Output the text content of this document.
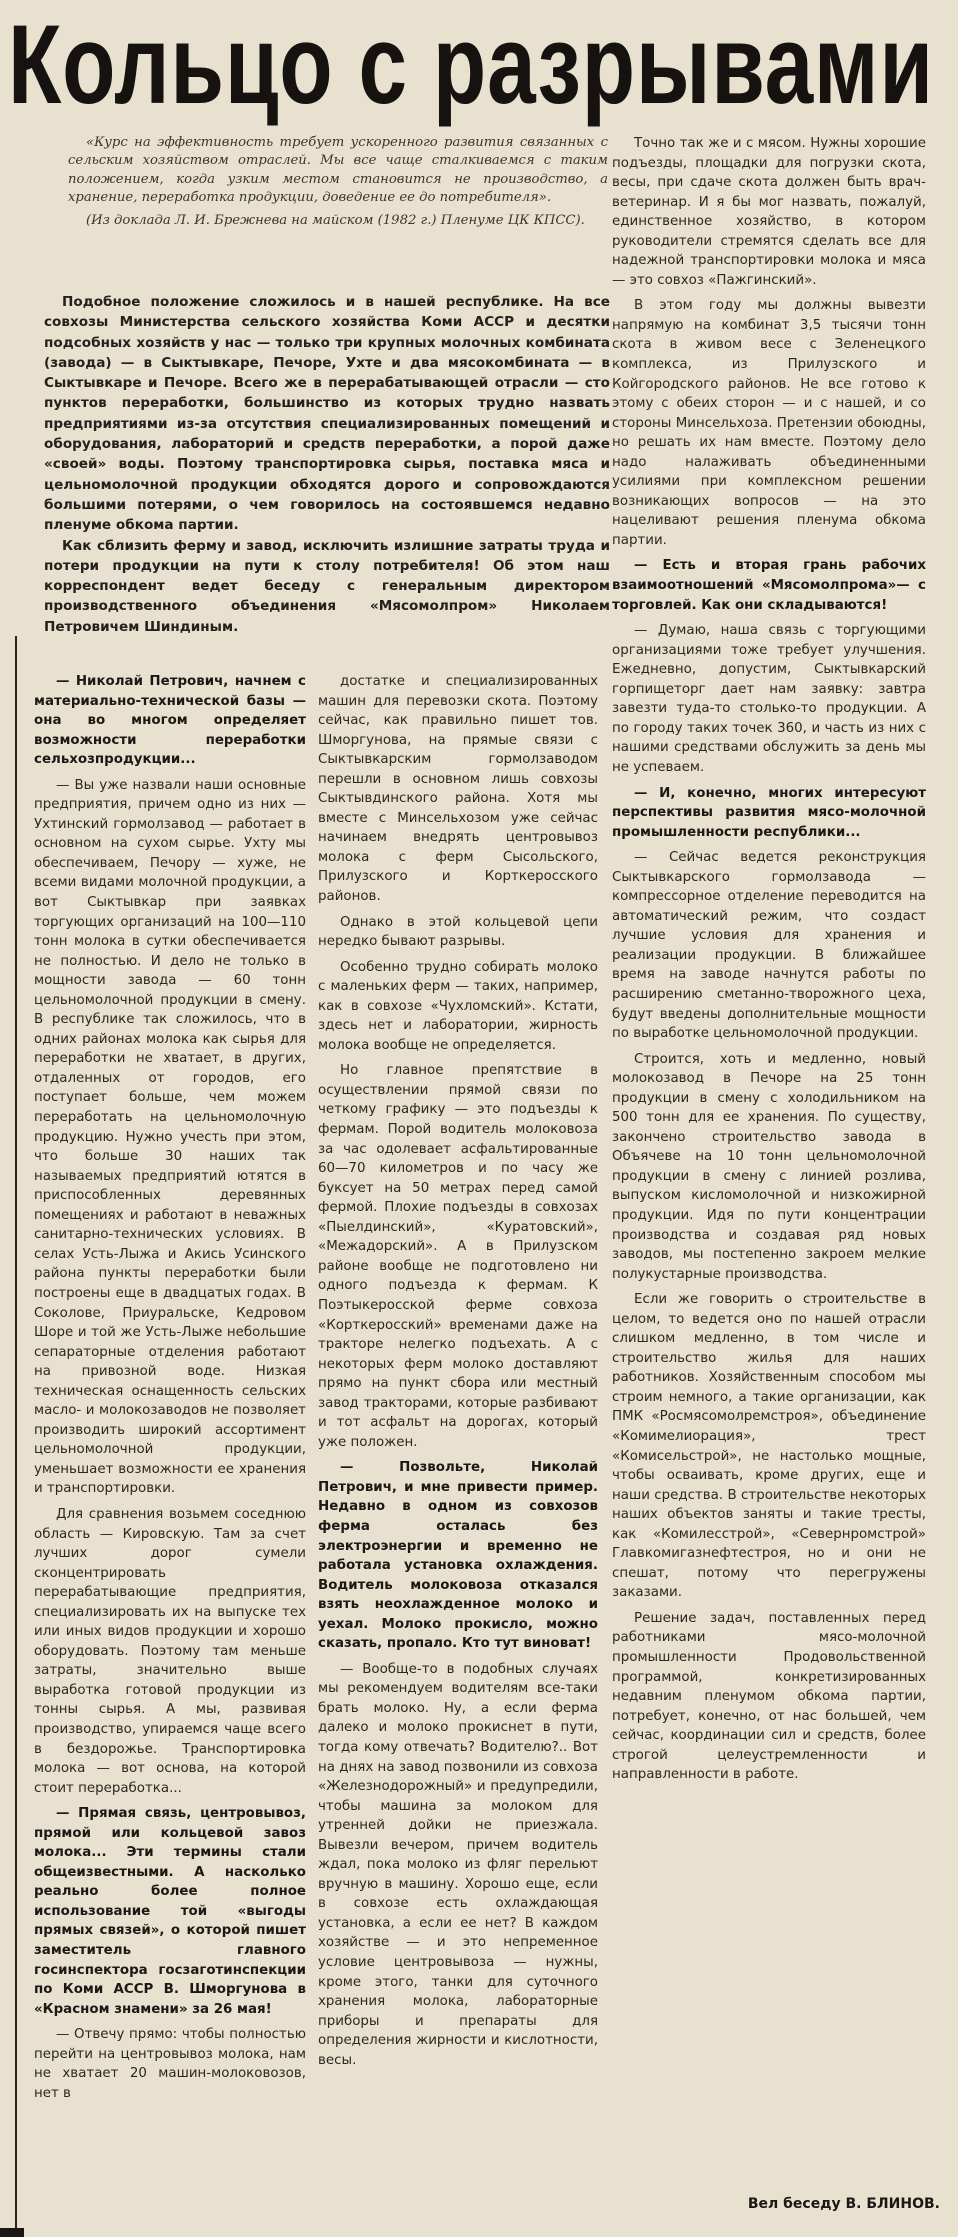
Кольцо с разрывами

«Курс на эффективность требует ускоренного развития связанных с сельским хозяйством отраслей. Мы все чаще сталкиваемся с таким положением, когда узким местом становится не производство, а хранение, переработка продукции, доведение ее до потребителя».

(Из доклада Л. И. Брежнева на майском (1982 г.) Пленуме ЦК КПСС).

Подобное положение сложилось и в нашей республике. На все совхозы Министерства сельского хозяйства Коми АССР и десятки подсобных хозяйств у нас — только три крупных молочных комбината (завода) — в Сыктывкаре, Печоре, Ухте и два мясокомбината — в Сыктывкаре и Печоре. Всего же в перерабатывающей отрасли — сто пунктов переработки, большинство из которых трудно назвать предприятиями из-за отсутствия специализированных помещений и оборудования, лабораторий и средств переработки, а порой даже «своей» воды. Поэтому транспортировка сырья, поставка мяса и цельномолочной продукции обходятся дорого и сопровождаются большими потерями, о чем говорилось на состоявшемся недавно пленуме обкома партии.

Как сблизить ферму и завод, исключить излишние затраты труда и потери продукции на пути к столу потребителя! Об этом наш корреспондент ведет беседу с генеральным директором производственного объединения «Мясомолпром» Николаем Петровичем Шиндиным.

— Николай Петрович, начнем с материально-технической базы — она во многом определяет возможности переработки сельхозпродукции...

— Вы уже назвали наши основные предприятия, причем одно из них — Ухтинский гормолзавод — работает в основном на сухом сырье. Ухту мы обеспечиваем, Печору — хуже, не всеми видами молочной продукции, а вот Сыктывкар при заявках торгующих организаций на 100—110 тонн молока в сутки обеспечивается не полностью. И дело не только в мощности завода — 60 тонн цельномолочной продукции в смену. В республике так сложилось, что в одних районах молока как сырья для переработки не хватает, в других, отдаленных от городов, его поступает больше, чем можем переработать на цельномолочную продукцию. Нужно учесть при этом, что больше 30 наших так называемых предприятий ютятся в приспособленных деревянных помещениях и работают в неважных санитарно-технических условиях. В селах Усть-Лыжа и Акись Усинского района пункты переработки были построены еще в двадцатых годах. В Соколове, Приуральске, Кедровом Шоре и той же Усть-Лыже небольшие сепараторные отделения работают на привозной воде. Низкая техническая оснащенность сельских масло- и молокозаводов не позволяет производить широкий ассортимент цельномолочной продукции, уменьшает возможности ее хранения и транспортировки.

Для сравнения возьмем соседнюю область — Кировскую. Там за счет лучших дорог сумели сконцентрировать перерабатывающие предприятия, специализировать их на выпуске тех или иных видов продукции и хорошо оборудовать. Поэтому там меньше затраты, значительно выше выработка готовой продукции из тонны сырья. А мы, развивая производство, упираемся чаще всего в бездорожье. Транспортировка молока — вот основа, на которой стоит переработка...

— Прямая связь, центровывоз, прямой или кольцевой завоз молока... Эти термины стали общеизвестными. А насколько реально более полное использование той «выгоды прямых связей», о которой пишет заместитель главного госинспектора госзаготинспекции по Коми АССР В. Шморгунова в «Красном знамени» за 26 мая!

— Отвечу прямо: чтобы полностью перейти на центровывоз молока, нам не хватает 20 машин-молоковозов, нет в

достатке и специализированных машин для перевозки скота. Поэтому сейчас, как правильно пишет тов. Шморгунова, на прямые связи с Сыктывкарским гормолзаводом перешли в основном лишь совхозы Сыктывдинского района. Хотя мы вместе с Минсельхозом уже сейчас начинаем внедрять центровывоз молока с ферм Сысольского, Прилузского и Корткеросского районов.

Однако в этой кольцевой цепи нередко бывают разрывы.

Особенно трудно собирать молоко с маленьких ферм — таких, например, как в совхозе «Чухломский». Кстати, здесь нет и лаборатории, жирность молока вообще не определяется.

Но главное препятствие в осуществлении прямой связи по четкому графику — это подъезды к фермам. Порой водитель молоковоза за час одолевает асфальтированные 60—70 километров и по часу же буксует на 50 метрах перед самой фермой. Плохие подъезды в совхозах «Пыелдинский», «Куратовский», «Межадорский». А в Прилузском районе вообще не подготовлено ни одного подъезда к фермам. К Поэтыкеросской ферме совхоза «Корткеросский» временами даже на тракторе нелегко подъехать. А с некоторых ферм молоко доставляют прямо на пункт сбора или местный завод тракторами, которые разбивают и тот асфальт на дорогах, который уже положен.

— Позвольте, Николай Петрович, и мне привести пример. Недавно в одном из совхозов ферма осталась без электроэнергии и временно не работала установка охлаждения. Водитель молоковоза отказался взять неохлажденное молоко и уехал. Молоко прокисло, можно сказать, пропало. Кто тут виноват!

— Вообще-то в подобных случаях мы рекомендуем водителям все-таки брать молоко. Ну, а если ферма далеко и молоко прокиснет в пути, тогда кому отвечать? Водителю?.. Вот на днях на завод позвонили из совхоза «Железнодорожный» и предупредили, чтобы машина за молоком для утренней дойки не приезжала. Вывезли вечером, причем водитель ждал, пока молоко из фляг перельют вручную в машину. Хорошо еще, если в совхозе есть охлаждающая установка, а если ее нет? В каждом хозяйстве — и это непременное условие центровывоза — нужны, кроме этого, танки для суточного хранения молока, лабораторные приборы и препараты для определения жирности и кислотности, весы.

Точно так же и с мясом. Нужны хорошие подъезды, площадки для погрузки скота, весы, при сдаче скота должен быть врач-ветеринар. И я бы мог назвать, пожалуй, единственное хозяйство, в котором руководители стремятся сделать все для надежной транспортировки молока и мяса — это совхоз «Пажгинский».

В этом году мы должны вывезти напрямую на комбинат 3,5 тысячи тонн скота в живом весе с Зеленецкого комплекса, из Прилузского и Койгородского районов. Не все готово к этому с обеих сторон — и с нашей, и со стороны Минсельхоза. Претензии обоюдны, но решать их нам вместе. Поэтому дело надо налаживать объединенными усилиями при комплексном решении возникающих вопросов — на это нацеливают решения пленума обкома партии.

— Есть и вторая грань рабочих взаимоотношений «Мясомолпрома»— с торговлей. Как они складываются!

— Думаю, наша связь с торгующими организациями тоже требует улучшения. Ежедневно, допустим, Сыктывкарский горпищеторг дает нам заявку: завтра завезти туда-то столько-то продукции. А по городу таких точек 360, и часть из них с нашими средствами обслужить за день мы не успеваем.

— И, конечно, многих интересуют перспективы развития мясо-молочной промышленности республики...

— Сейчас ведется реконструкция Сыктывкарского гормолзавода — компрессорное отделение переводится на автоматический режим, что создаст лучшие условия для хранения и реализации продукции. В ближайшее время на заводе начнутся работы по расширению сметанно-творожного цеха, будут введены дополнительные мощности по выработке цельномолочной продукции.

Строится, хоть и медленно, новый молокозавод в Печоре на 25 тонн продукции в смену с холодильником на 500 тонн для ее хранения. По существу, закончено строительство завода в Объячеве на 10 тонн цельномолочной продукции в смену с линией розлива, выпуском кисломолочной и низкожирной продукции. Идя по пути концентрации производства и создавая ряд новых заводов, мы постепенно закроем мелкие полукустарные производства.

Если же говорить о строительстве в целом, то ведется оно по нашей отрасли слишком медленно, в том числе и строительство жилья для наших работников. Хозяйственным способом мы строим немного, а такие организации, как ПМК «Росмясомолремстроя», объединение «Комимелиорация», трест «Комисельстрой», не настолько мощные, чтобы осваивать, кроме других, еще и наши средства. В строительстве некоторых наших объектов заняты и такие тресты, как «Комилесстрой», «Севернромстрой» Главкомигазнефтестроя, но и они не спешат, потому что перегружены заказами.

Решение задач, поставленных перед работниками мясо-молочной промышленности Продовольственной программой, конкретизированных недавним пленумом обкома партии, потребует, конечно, от нас большей, чем сейчас, координации сил и средств, более строгой целеустремленности и направленности в работе.

Вел беседу В. БЛИНОВ.
